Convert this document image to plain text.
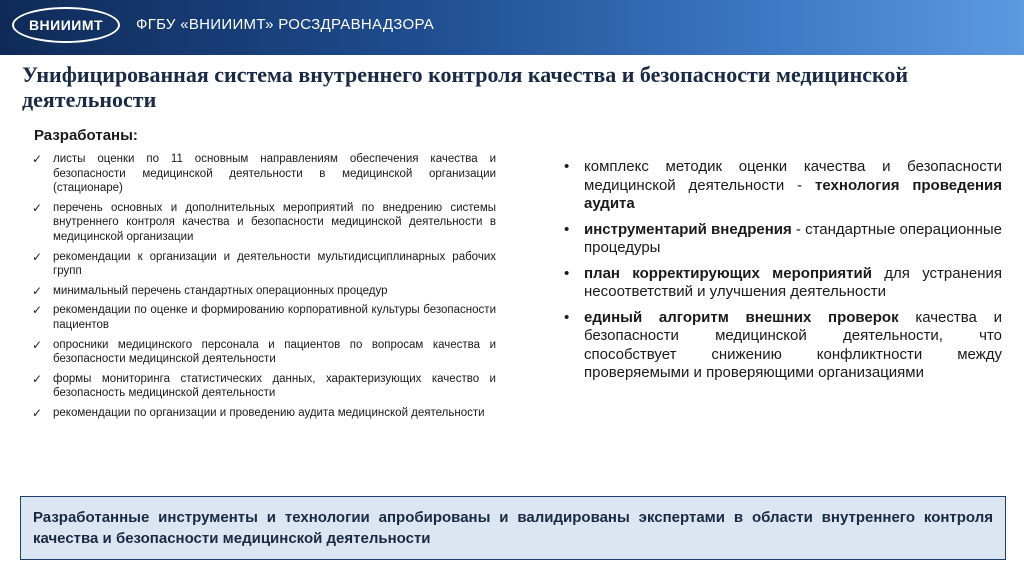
ВНИИИМТ ФГБУ «ВНИИИМТ» РОСЗДРАВНАДЗОРА
Унифицированная система внутреннего контроля качества и безопасности медицинской деятельности
Разработаны:
✓ листы оценки по 11 основным направлениям обеспечения качества и безопасности медицинской деятельности в медицинской организации (стационаре)
✓ перечень основных и дополнительных мероприятий по внедрению системы внутреннего контроля качества и безопасности медицинской деятельности в медицинской организации
✓ рекомендации к организации и деятельности мультидисциплинарных рабочих групп
✓ минимальный перечень стандартных операционных процедур
✓ рекомендации по оценке и формированию корпоративной культуры безопасности пациентов
✓ опросники медицинского персонала и пациентов по вопросам качества и безопасности медицинской деятельности
✓ формы мониторинга статистических данных, характеризующих качество и безопасность медицинской деятельности
✓ рекомендации по организации и проведению аудита медицинской деятельности
• комплекс методик оценки качества и безопасности медицинской деятельности - технология проведения аудита
• инструментарий внедрения - стандартные операционные процедуры
• план корректирующих мероприятий для устранения несоответствий и улучшения деятельности
• единый алгоритм внешних проверок качества и безопасности медицинской деятельности, что способствует снижению конфликтности между проверяемыми и проверяющими организациями
Разработанные инструменты и технологии апробированы и валидированы экспертами в области внутреннего контроля качества и безопасности медицинской деятельности
